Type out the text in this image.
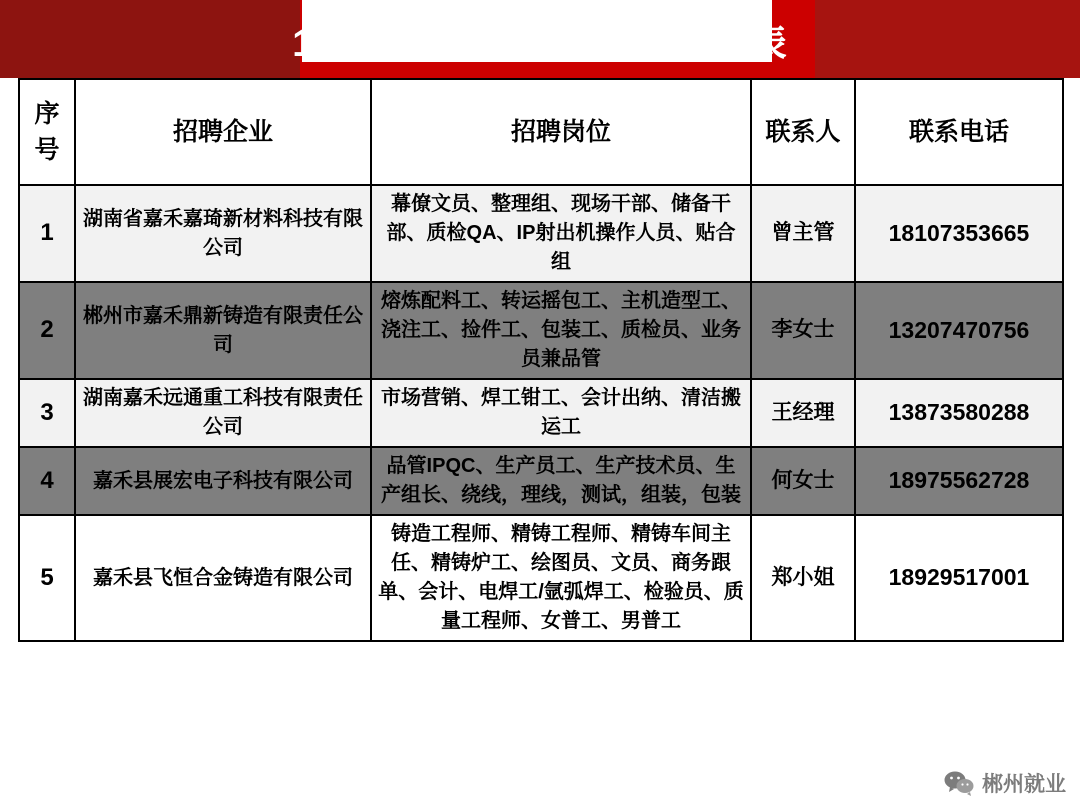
12月9日直播企业招聘一览表
序号	招聘企业	招聘岗位	联系人	联系电话
1	湖南省嘉禾嘉琦新材料科技有限公司	幕僚文员、整理组、现场干部、储备干部、质检QA、IP射出机操作人员、贴合组	曾主管	18107353665
2	郴州市嘉禾鼎新铸造有限责任公司	熔炼配料工、转运摇包工、主机造型工、浇注工、捡件工、包装工、质检员、业务员兼品管	李女士	13207470756
3	湖南嘉禾远通重工科技有限责任公司	市场营销、焊工钳工、会计出纳、清洁搬运工	王经理	13873580288
4	嘉禾县展宏电子科技有限公司	品管IPQC、生产员工、生产技术员、生产组长、绕线，理线，测试，组装，包装	何女士	18975562728
5	嘉禾县飞恒合金铸造有限公司	铸造工程师、精铸工程师、精铸车间主任、精铸炉工、绘图员、文员、商务跟单、会计、电焊工/氩弧焊工、检验员、质量工程师、女普工、男普工	郑小姐	18929517001
郴州就业
